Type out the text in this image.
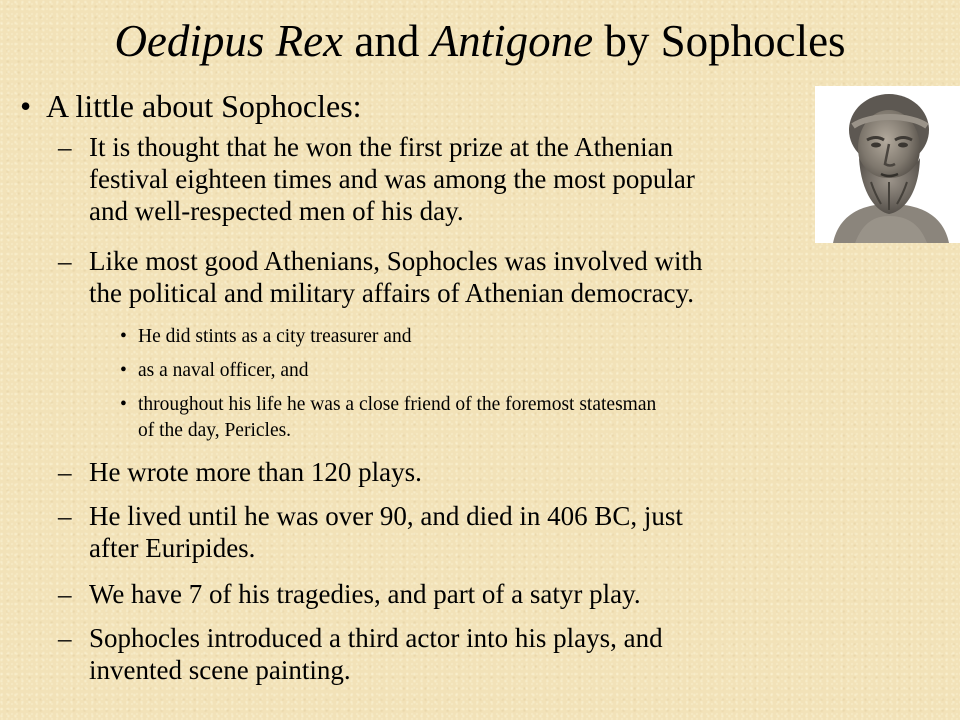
Oedipus Rex and Antigone by Sophocles
• A little about Sophocles:
– It is thought that he won the first prize at the Athenian
festival eighteen times and was among the most popular
and well-respected men of his day.
– Like most good Athenians, Sophocles was involved with
the political and military affairs of Athenian democracy.
• He did stints as a city treasurer and
• as a naval officer, and
• throughout his life he was a close friend of the foremost statesman
of the day, Pericles.
– He wrote more than 120 plays.
– He lived until he was over 90, and died in 406 BC, just
after Euripides.
– We have 7 of his tragedies, and part of a satyr play.
– Sophocles introduced a third actor into his plays, and
invented scene painting.
